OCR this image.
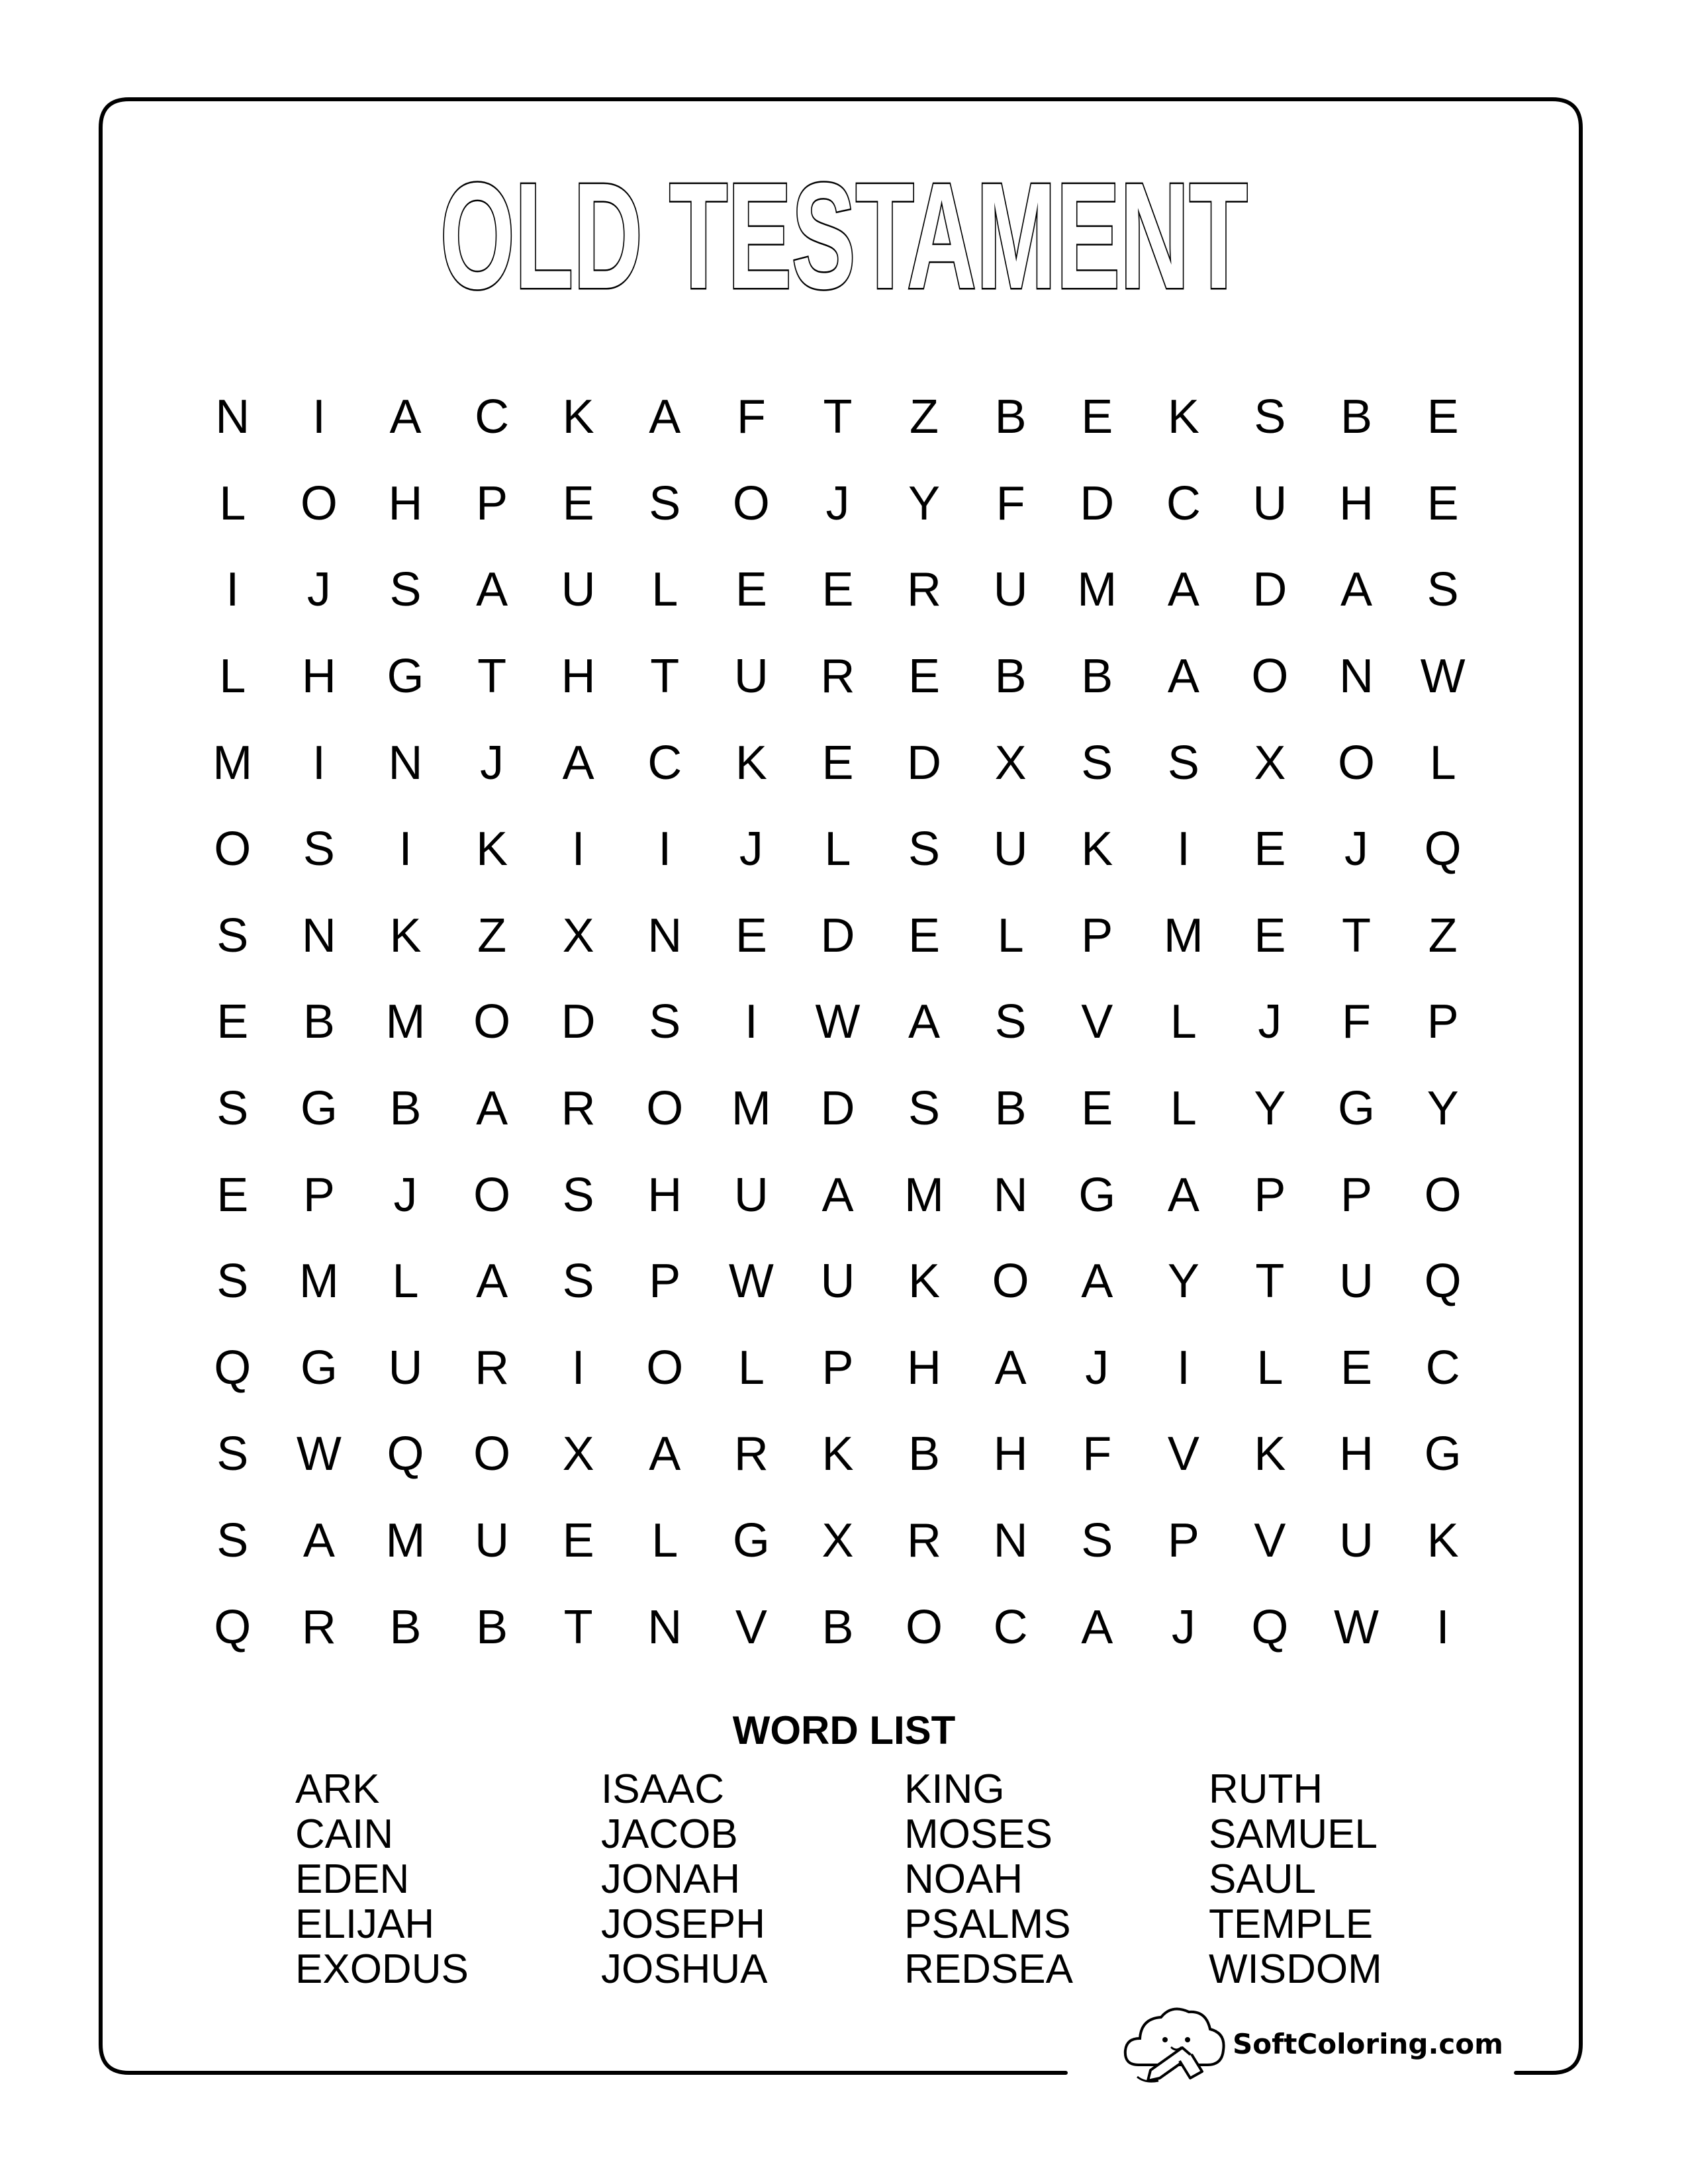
OLD TESTAMENT
N	I	A	C	K	A	F	T	Z	B	E	K	S	B	E
L	O	H	P	E	S	O	J	Y	F	D	C	U	H	E
I	J	S	A	U	L	E	E	R	U	M	A	D	A	S
L	H	G	T	H	T	U	R	E	B	B	A	O	N W
M	I	N	J	A	C	K	E	D	X	S	S	X	O	L
O	S	I	K	I	I	J	L	S	U	K	I	E	J	Q
S	N	K	Z	X	N	E	D	E	L	P	M	E	T	Z
E	B	M	O	D	S	I	W	A	S	V	L	J	F	P
S	G	B	A	R	O	M	D	S	B	E	L	Y	G	Y
E	P	J	O	S	H	U	A	M	N	G	A	P	P	O
S	M	L	A	S	P	W U	K	O	A	Y	T	U	Q
Q	G	U	R	I	O	L	P	H	A	J	I	L	E	C
S	W Q	O	X	A	R	K	B	H	F	V	K	H	G
S	A	M	U	E	L	G	X	R	N	S	P	V	U	K
Q	R	B	B	T	N	V	B	O	C	A	J	Q W	I
WORD LIST
ARK
CAIN
EDEN
ELIJAH
EXODUS
ISAAC
JACOB
JONAH
JOSEPH
JOSHUA
KING
MOSES
NOAH
PSALMS
REDSEA
RUTH
SAMUEL
SAUL
TEMPLE
WISDOM
SoftColoring.com
